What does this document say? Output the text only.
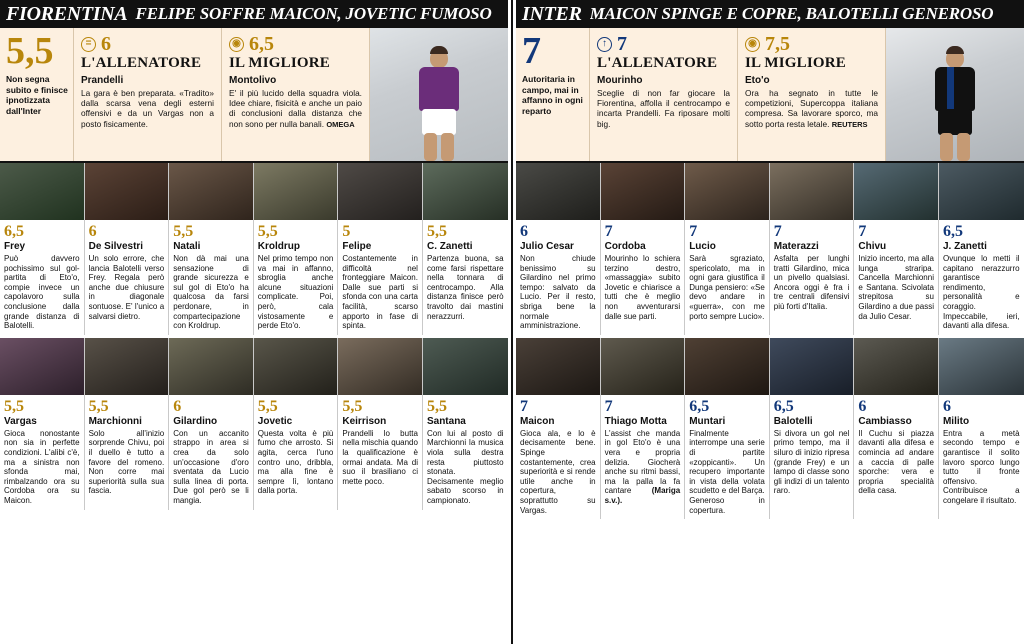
FIORENTINA FELIPE SOFFRE MAICON, JOVETIC FUMOSO
5,5
Non segna subito e finisce ipnotizzata dall'Inter
= 6
L'ALLENATORE
Prandelli
La gara è ben preparata. «Tradito» dalla scarsa vena degli esterni offensivi e da un Vargas non a posto fisicamente.
◉ 6,5
IL MIGLIORE
Montolivo
E' il più lucido della squadra viola. Idee chiare, fisicità e anche un paio di conclusioni dalla distanza che non sono per nulla banali. OMEGA
6,5
Frey
Può davvero pochissimo sul gol-partita di Eto'o, compie invece un capolavoro sulla conclusione dalla grande distanza di Balotelli.
6
De Silvestri
Un solo errore, che lancia Balotelli verso Frey. Regala però anche due chiusure in diagonale sontuose. E' l'unico a salvarsi dietro.
5,5
Natali
Non dà mai una sensazione di grande sicurezza e sul gol di Eto'o ha qualcosa da farsi perdonare, in compartecipazione con Kroldrup.
5,5
Kroldrup
Nel primo tempo non va mai in affanno, sbroglia anche alcune situazioni complicate. Poi, però, cala vistosamente e perde Eto'o.
5
Felipe
Costantemente in difficoltà nel fronteggiare Maicon. Dalle sue parti si sfonda con una carta facilità, scarso apporto in fase di spinta.
5,5
C. Zanetti
Partenza buona, sa come farsi rispettare nella tonnara di centrocampo. Alla distanza finisce però travolto dai mastini nerazzurri.
5,5
Vargas
Gioca nonostante non sia in perfette condizioni. L'alibi c'è, ma a sinistra non sfonda mai, rimbalzando ora su Cordoba ora su Maicon.
5,5
Marchionni
Solo all'inizio sorprende Chivu, poi il duello è tutto a favore del romeno. Non corre mai superiorità sulla sua fascia.
6
Gilardino
Con un accanito strappo in area si crea da solo un'occasione d'oro sventata da Lucio sulla linea di porta. Due gol però se li mangia.
5,5
Jovetic
Questa volta è più fumo che arrosto. Si agita, cerca l'uno contro uno, dribbla, ma alla fine è sempre lì, lontano dalla porta.
5,5
Keirrison
Prandelli lo butta nella mischia quando la qualificazione è ormai andata. Ma di suo il brasiliano ci mette poco.
5,5
Santana
Con lui al posto di Marchionni la musica viola sulla destra resta piuttosto stonata. Decisamente meglio sabato scorso in campionato.
INTER MAICON SPINGE E COPRE, BALOTELLI GENEROSO
7
Autoritaria in campo, mai in affanno in ogni reparto
↑ 7
L'ALLENATORE
Mourinho
Sceglie di non far giocare la Fiorentina, affolla il centrocampo e incarta Prandelli. Fa riposare molti big.
◉ 7,5
IL MIGLIORE
Eto'o
Ora ha segnato in tutte le competizioni, Supercoppa italiana compresa. Sa lavorare sporco, ma sotto porta resta letale. REUTERS
6
Julio Cesar
Non chiude benissimo su Gilardino nel primo tempo: salvato da Lucio. Per il resto, sbriga bene la normale amministrazione.
7
Cordoba
Mourinho lo schiera terzino destro, «massaggia» subito Jovetic e chiarisce a tutti che è meglio non avventurarsi dalle sue parti.
7
Lucio
Sarà sgraziato, spericolato, ma in ogni gara giustifica il Dunga pensiero: «Se devo andare in «guerra», con me porto sempre Lucio».
7
Materazzi
Asfalta per lunghi tratti Gilardino, mica un pivello qualsiasi. Ancora oggi è fra i tre centrali difensivi più forti d'Italia.
7
Chivu
Inizio incerto, ma alla lunga straripa. Cancella Marchionni e Santana. Scivolata strepitosa su Gilardino a due passi da Julio Cesar.
6,5
J. Zanetti
Ovunque lo metti il capitano nerazzurro garantisce rendimento, personalità e coraggio. Impeccabile, ieri, davanti alla difesa.
7
Maicon
Gioca ala, e lo è decisamente bene. Spinge costantemente, crea superiorità e si rende utile anche in copertura, soprattutto su Vargas.
7
Thiago Motta
L'assist che manda in gol Eto'o è una vera e propria delizia. Giocherà anche su ritmi bassi, ma la palla la fa cantare	(Mariga s.v.).
6,5
Muntari
Finalmente interrompe una serie di partite «zoppicanti». Un recupero importante in vista della volata scudetto e del Barça. Generoso in copertura.
6,5
Balotelli
Si divora un gol nel primo tempo, ma il siluro di inizio ripresa (grande Frey) e un lampo di classe sono gli indizi di un talento raro.
6
Cambiasso
Il Cuchu si piazza davanti alla difesa e comincia ad andare a caccia di palle sporche: vera e propria specialità della casa.
6
Milito
Entra a metà secondo tempo e garantisce il solito lavoro sporco lungo tutto il fronte offensivo. Contribuisce a congelare il risultato.
